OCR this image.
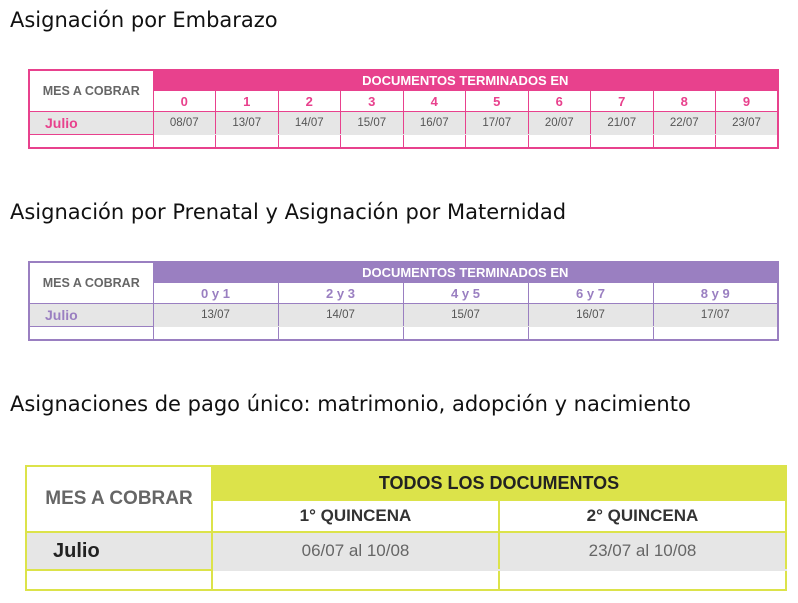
Asignación por Embarazo
MES A COBRAR	DOCUMENTOS TERMINADOS EN									
	0	1	2	3	4	5	6	7	8	9
Julio	08/07	13/07	14/07	15/07	16/07	17/07	20/07	21/07	22/07	23/07

Asignación por Prenatal y Asignación por Maternidad
MES A COBRAR	DOCUMENTOS TERMINADOS EN				
	0 y 1	2 y 3	4 y 5	6 y 7	8 y 9
Julio	13/07	14/07	15/07	16/07	17/07

Asignaciones de pago único: matrimonio, adopción y nacimiento
MES A COBRAR	TODOS LOS DOCUMENTOS	
	1° QUINCENA	2° QUINCENA
Julio	06/07 al 10/08	23/07 al 10/08
